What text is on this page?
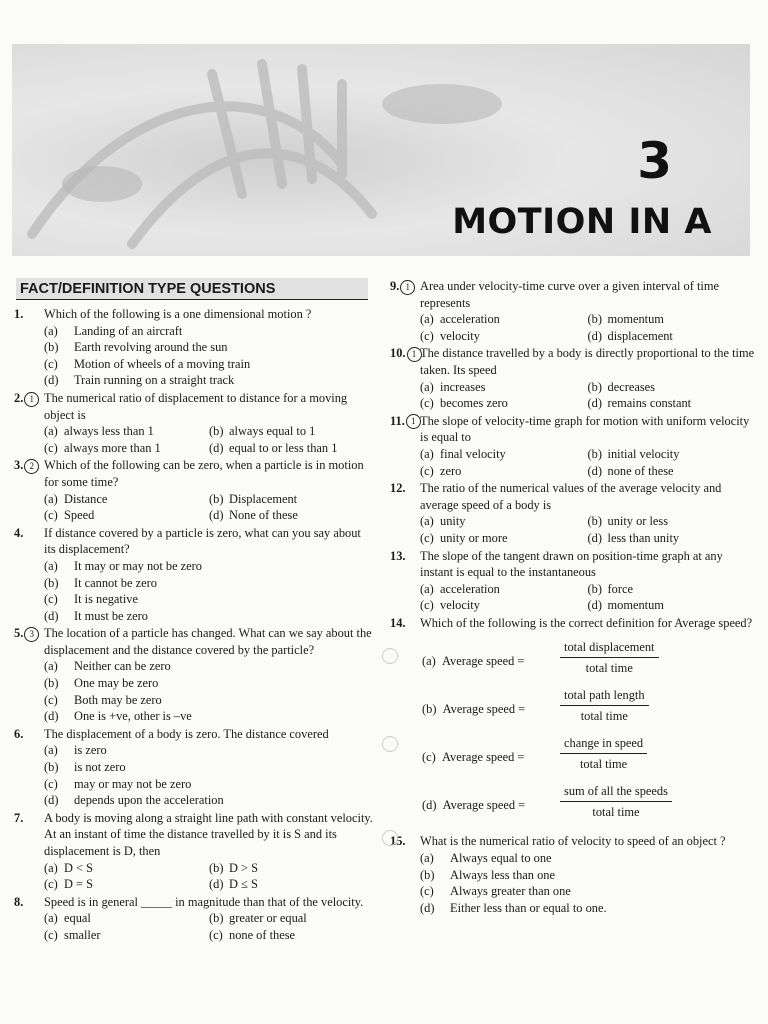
3
MOTION IN A
FACT/DEFINITION TYPE QUESTIONS
1. Which of the following is a one dimensional motion ?
(a) Landing of an aircraft
(b) Earth revolving around the sun
(c) Motion of wheels of a moving train
(d) Train running on a straight track
2. 1 The numerical ratio of displacement to distance for a moving object is
(a) always less than 1	(b) always equal to 1
(c) always more than 1	(d) equal to or less than 1
3. 2 Which of the following can be zero, when a particle is in motion for some time?
(a) Distance	(b) Displacement
(c) Speed	(d) None of these
4. If distance covered by a particle is zero, what can you say about its displacement?
(a) It may or may not be zero
(b) It cannot be zero
(c) It is negative
(d) It must be zero
5. 3 The location of a particle has changed. What can we say about the displacement and the distance covered by the particle?
(a) Neither can be zero
(b) One may be zero
(c) Both may be zero
(d) One is +ve, other is –ve
6. The displacement of a body is zero. The distance covered
(a) is zero
(b) is not zero
(c) may or may not be zero
(d) depends upon the acceleration
7. A body is moving along a straight line path with constant velocity. At an instant of time the distance travelled by it is S and its displacement is D, then
(a) D < S	(b) D > S
(c) D = S	(d) D ≤ S
8. Speed is in general _____ in magnitude than that of the velocity.
(a) equal	(b) greater or equal
(c) smaller	(c) none of these
9. 1 Area under velocity-time curve over a given interval of time represents
(a) acceleration	(b) momentum
(c) velocity	(d) displacement
10. 1 The distance travelled by a body is directly proportional to the time taken. Its speed
(a) increases	(b) decreases
(c) becomes zero	(d) remains constant
11. 1 The slope of velocity-time graph for motion with uniform velocity is equal to
(a) final velocity	(b) initial velocity
(c) zero	(d) none of these
12. The ratio of the numerical values of the average velocity and average speed of a body is
(a) unity	(b) unity or less
(c) unity or more	(d) less than unity
13. The slope of the tangent drawn on position-time graph at any instant is equal to the instantaneous
(a) acceleration	(b) force
(c) velocity	(d) momentum
14. Which of the following is the correct definition for Average speed?
(a) Average speed =
total displacement
total time
(b) Average speed =
total path length
total time
(c) Average speed =
change in speed
total time
(d) Average speed =
sum of all the speeds
total time
15. What is the numerical ratio of velocity to speed of an object ?
(a) Always equal to one
(b) Always less than one
(c) Always greater than one
(d) Either less than or equal to one.
